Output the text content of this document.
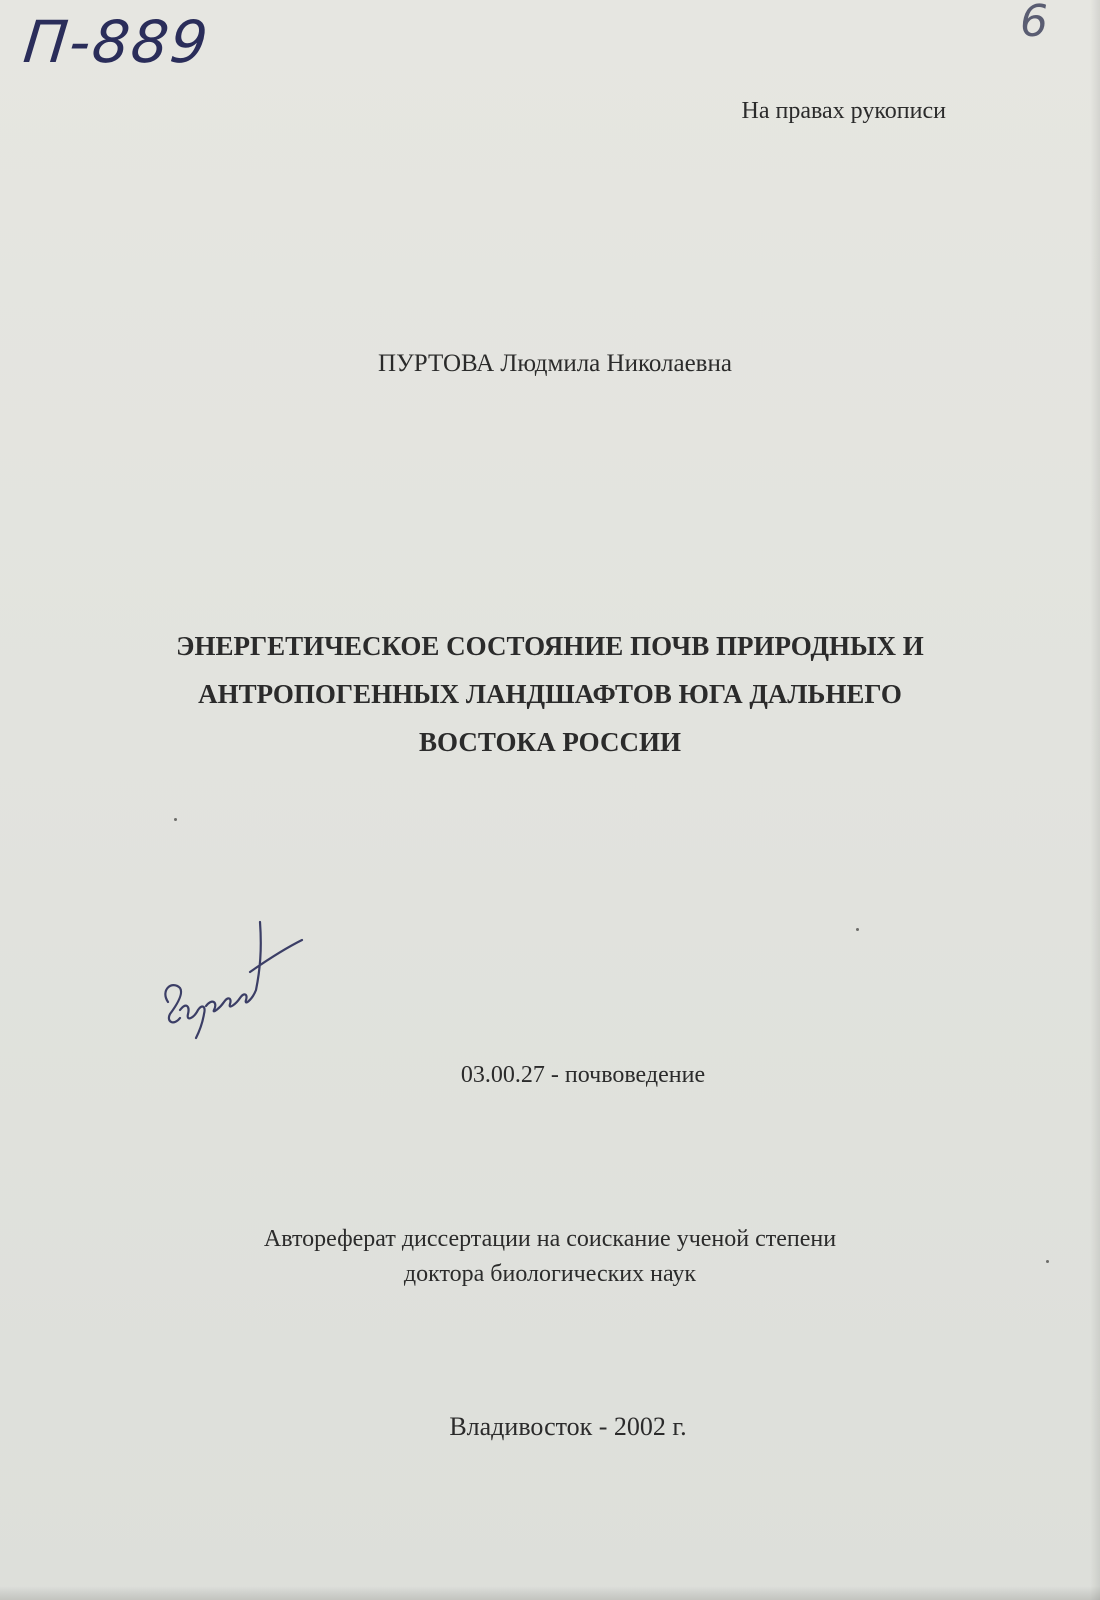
П-889	6
На правах рукописи
ПУРТОВА Людмила Николаевна
ЭНЕРГЕТИЧЕСКОЕ СОСТОЯНИЕ ПОЧВ ПРИРОДНЫХ И
АНТРОПОГЕННЫХ ЛАНДШАФТОВ ЮГА ДАЛЬНЕГО
ВОСТОКА РОССИИ
03.00.27 - почвоведение
Автореферат диссертации на соискание ученой степени
доктора биологических наук
Владивосток - 2002 г.
